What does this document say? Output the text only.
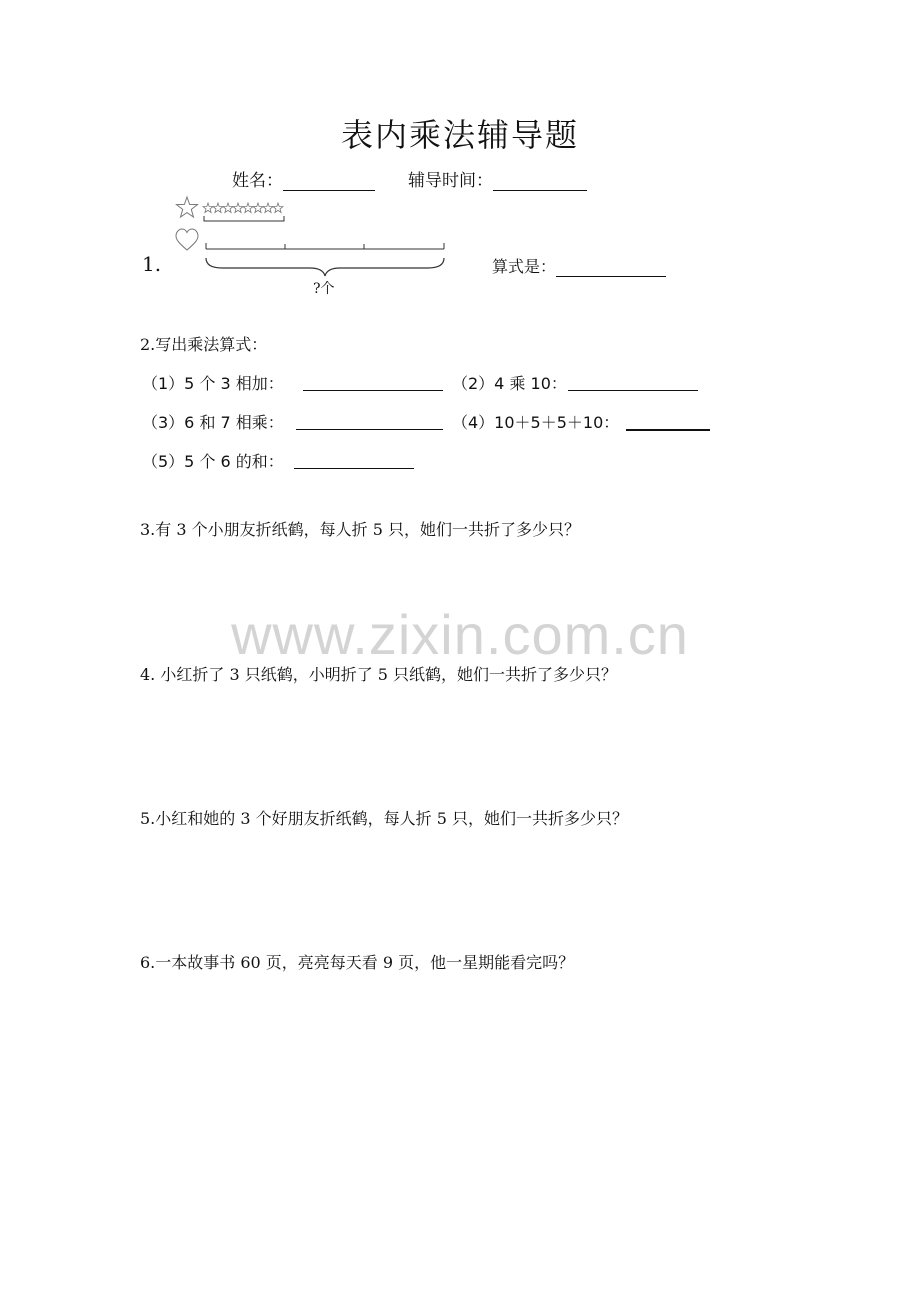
表内乘法辅导题
姓名：	辅导时间：
1.
?个
算式是：
2.写出乘法算式：
（1）5 个 3 相加：	（2）4 乘 10：
（3）6 和 7 相乘：	（4）10＋5＋5＋10：
（5）5 个 6 的和：
3.有 3 个小朋友折纸鹤，每人折 5 只，她们一共折了多少只？
www.zixin.com.cn
4. 小红折了 3 只纸鹤，小明折了 5 只纸鹤，她们一共折了多少只？
5.小红和她的 3 个好朋友折纸鹤，每人折 5 只，她们一共折多少只？
6.一本故事书 60 页，亮亮每天看 9 页，他一星期能看完吗？
